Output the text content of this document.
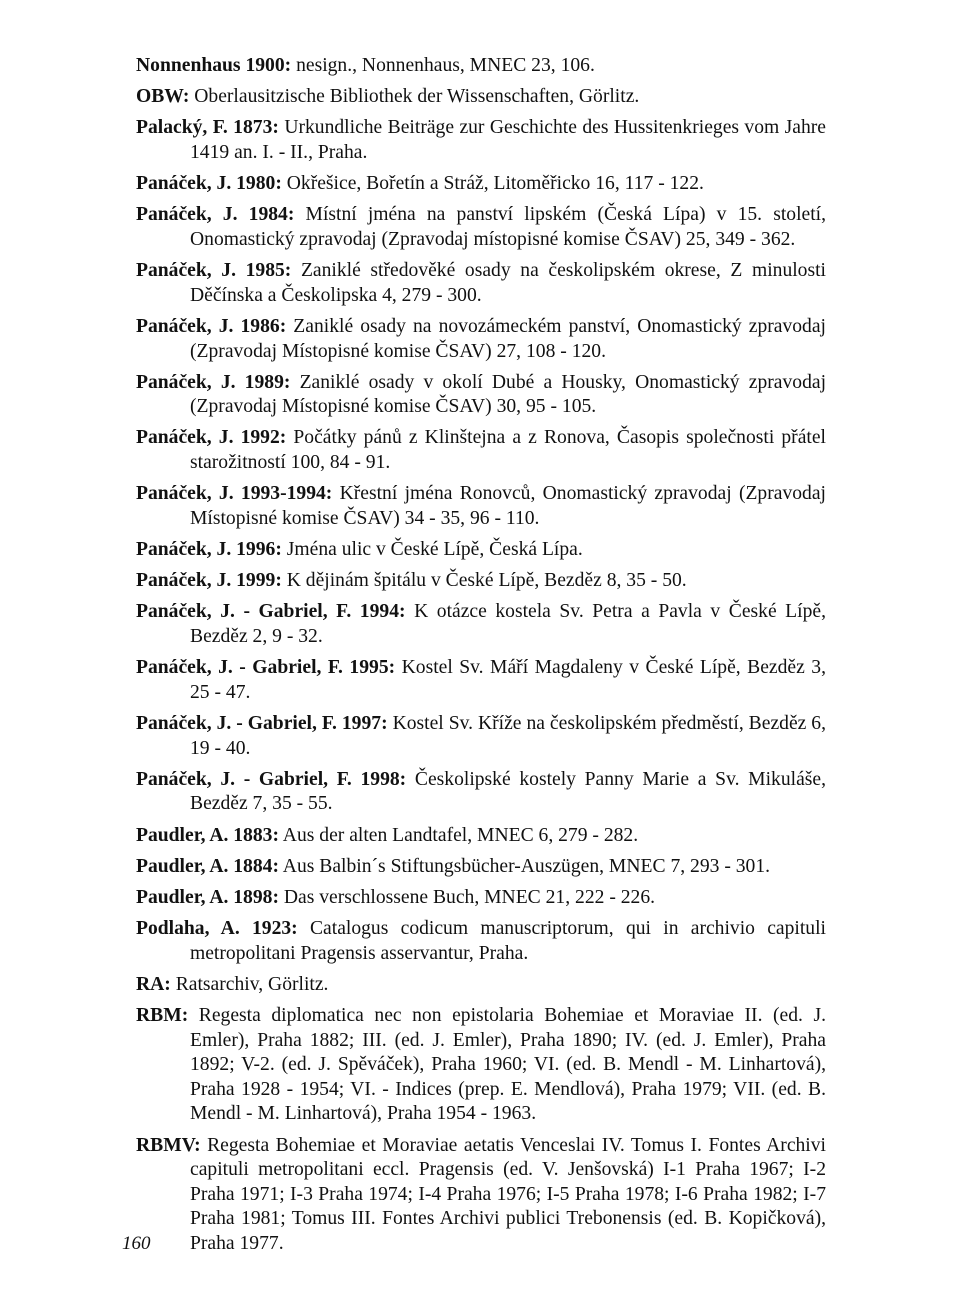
Nonnenhaus 1900: nesign., Nonnenhaus, MNEC 23, 106.
OBW: Oberlausitzische Bibliothek der Wissenschaften, Görlitz.
Palacký, F. 1873: Urkundliche Beiträge zur Geschichte des Hussitenkrieges vom Jahre 1419 an. I. - II., Praha.
Panáček, J. 1980: Okřešice, Bořetín a Stráž, Litoměřicko 16, 117 - 122.
Panáček, J. 1984: Místní jména na panství lipském (Česká Lípa) v 15. století, Onomastický zpravodaj (Zpravodaj místopisné komise ČSAV) 25, 349 - 362.
Panáček, J. 1985: Zaniklé středověké osady na českolipském okrese, Z minulosti Děčínska a Českolipska 4, 279 - 300.
Panáček, J. 1986: Zaniklé osady na novozámeckém panství, Onomastický zpravodaj (Zpravodaj Místopisné komise ČSAV) 27, 108 - 120.
Panáček, J. 1989: Zaniklé osady v okolí Dubé a Housky, Onomastický zpravodaj (Zpravodaj Místopisné komise ČSAV) 30, 95 - 105.
Panáček, J. 1992: Počátky pánů z Klinštejna a z Ronova, Časopis společnosti přátel starožitností 100, 84 - 91.
Panáček, J. 1993-1994: Křestní jména Ronovců, Onomastický zpravodaj (Zpravodaj Místopisné komise ČSAV) 34 - 35, 96 - 110.
Panáček, J. 1996: Jména ulic v České Lípě, Česká Lípa.
Panáček, J. 1999: K dějinám špitálu v České Lípě, Bezděz 8, 35 - 50.
Panáček, J. - Gabriel, F. 1994: K otázce kostela Sv. Petra a Pavla v České Lípě, Bezděz 2, 9 - 32.
Panáček, J. - Gabriel, F. 1995: Kostel Sv. Máří Magdaleny v České Lípě, Bezděz 3, 25 - 47.
Panáček, J. - Gabriel, F. 1997: Kostel Sv. Kříže na českolipském předměstí, Bezděz 6, 19 - 40.
Panáček, J. - Gabriel, F. 1998: Českolipské kostely Panny Marie a Sv. Mikuláše, Bezděz 7, 35 - 55.
Paudler, A. 1883: Aus der alten Landtafel, MNEC 6, 279 - 282.
Paudler, A. 1884: Aus Balbin´s Stiftungsbücher-Auszügen, MNEC 7, 293 - 301.
Paudler, A. 1898: Das verschlossene Buch, MNEC 21, 222 - 226.
Podlaha, A. 1923: Catalogus codicum manuscriptorum, qui in archivio capituli metropolitani Pragensis asservantur, Praha.
RA: Ratsarchiv, Görlitz.
RBM: Regesta diplomatica nec non epistolaria Bohemiae et Moraviae II. (ed. J. Emler), Praha 1882; III. (ed. J. Emler), Praha 1890; IV. (ed. J. Emler), Praha 1892; V-2. (ed. J. Spěváček), Praha 1960; VI. (ed. B. Mendl - M. Linhartová), Praha 1928 - 1954; VI. - Indices (prep. E. Mendlová), Praha 1979; VII. (ed. B. Mendl - M. Linhartová), Praha 1954 - 1963.
RBMV: Regesta Bohemiae et Moraviae aetatis Venceslai IV. Tomus I. Fontes Archivi capituli metropolitani eccl. Pragensis (ed. V. Jenšovská) I-1 Praha 1967; I-2 Praha 1971; I-3 Praha 1974; I-4 Praha 1976; I-5 Praha 1978; I-6 Praha 1982; I-7 Praha 1981; Tomus III. Fontes Archivi publici Trebonensis (ed. B. Kopičková), Praha 1977.
160
